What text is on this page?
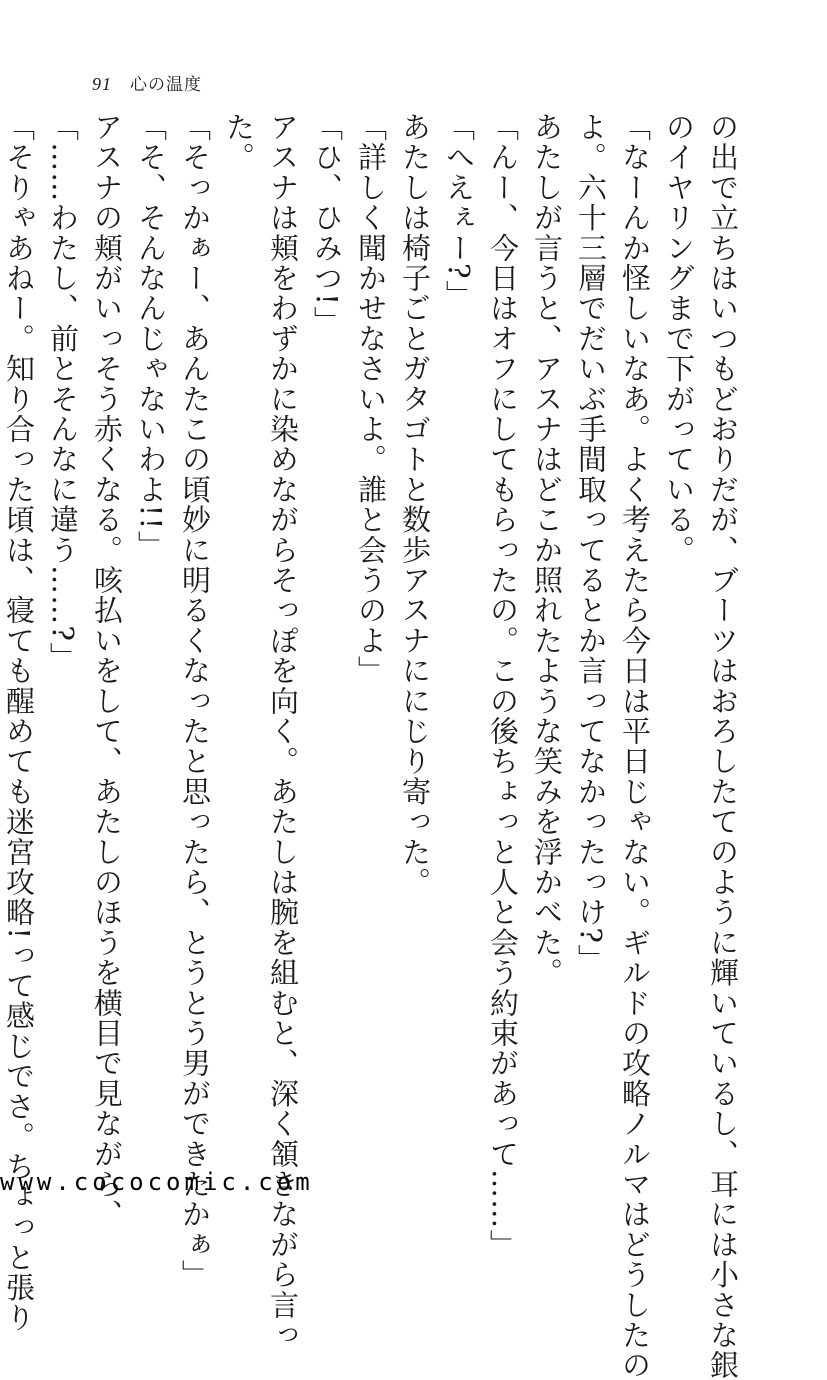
91 心の温度
の出で立ちはいつもどおりだが、ブーツはおろしたてのように輝いているし、耳には小さな銀
のイヤリングまで下がっている。
「なーんか怪しいなあ。よく考えたら今日は平日じゃない。ギルドの攻略ノルマはどうしたの
よ。六十三層でだいぶ手間取ってるとか言ってなかったっけ?」
あたしが言うと、アスナはどこか照れたような笑みを浮かべた。
「んー、今日はオフにしてもらったの。この後ちょっと人と会う約束があって……」
「へえぇー?」
あたしは椅子ごとガタゴトと数歩アスナににじり寄った。
「詳しく聞かせなさいよ。誰と会うのよ」
「ひ、ひみつ!」
アスナは頬をわずかに染めながらそっぽを向く。あたしは腕を組むと、深く頷きながら言っ
た。
「そっかぁー、あんたこの頃妙に明るくなったと思ったら、とうとう男ができたかぁ」
「そ、そんなんじゃないわよ!!」
アスナの頬がいっそう赤くなる。咳払いをして、あたしのほうを横目で見ながら、
「……わたし、前とそんなに違う……?」
「そりゃあねー。知り合った頃は、寝ても醒めても迷宮攻略!って感じでさ。ちょっと張り
www.cococomic.com
